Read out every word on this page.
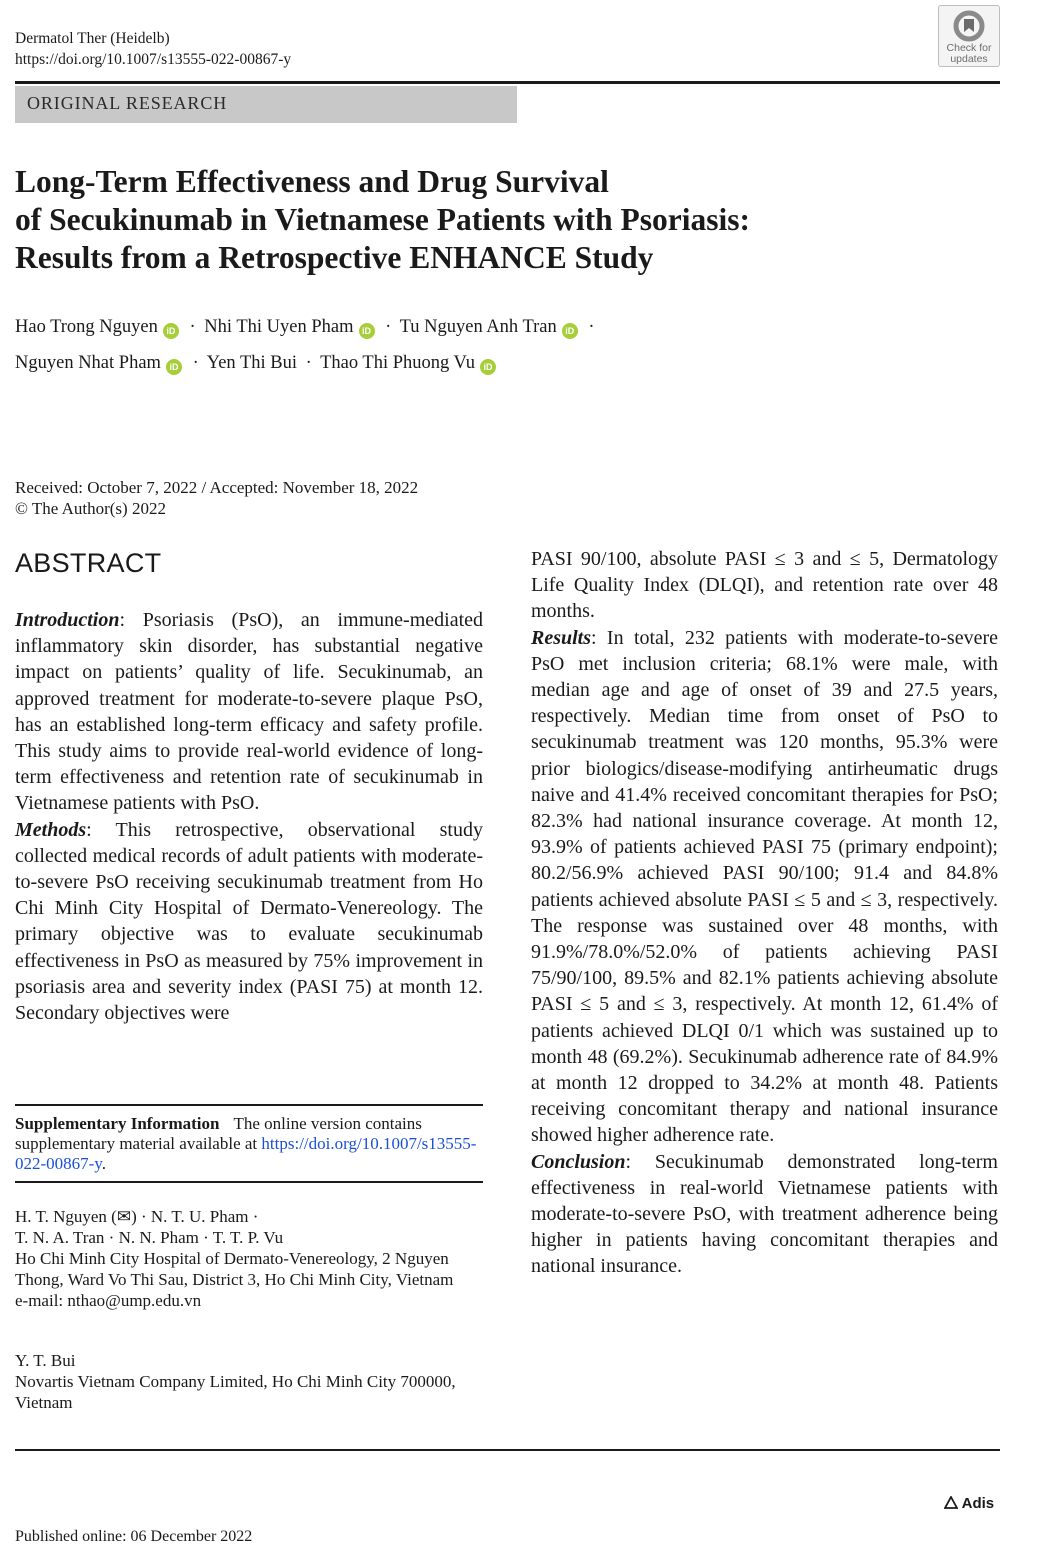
Dermatol Ther (Heidelb)
https://doi.org/10.1007/s13555-022-00867-y
Check for
updates
ORIGINAL RESEARCH
Long-Term Effectiveness and Drug Survival
of Secukinumab in Vietnamese Patients with Psoriasis:
Results from a Retrospective ENHANCE Study
Hao Trong Nguyen iD · Nhi Thi Uyen Pham iD · Tu Nguyen Anh Tran iD ·
Nguyen Nhat Pham iD · Yen Thi Bui · Thao Thi Phuong Vu iD
Received: October 7, 2022 / Accepted: November 18, 2022
© The Author(s) 2022
ABSTRACT

Introduction: Psoriasis (PsO), an immune-mediated inflammatory skin disorder, has substantial negative impact on patients’ quality of life. Secukinumab, an approved treatment for moderate-to-severe plaque PsO, has an established long-term efficacy and safety profile. This study aims to provide real-world evidence of long-term effectiveness and retention rate of secukinumab in Vietnamese patients with PsO.

Methods: This retrospective, observational study collected medical records of adult patients with moderate-to-severe PsO receiving secukinumab treatment from Ho Chi Minh City Hospital of Dermato-Venereology. The primary objective was to evaluate secukinumab effectiveness in PsO as measured by 75% improvement in psoriasis area and severity index (PASI 75) at month 12. Secondary objectives were

PASI 90/100, absolute PASI ≤ 3 and ≤ 5, Dermatology Life Quality Index (DLQI), and retention rate over 48 months.

Results: In total, 232 patients with moderate-to-severe PsO met inclusion criteria; 68.1% were male, with median age and age of onset of 39 and 27.5 years, respectively. Median time from onset of PsO to secukinumab treatment was 120 months, 95.3% were prior biologics/disease-modifying antirheumatic drugs naive and 41.4% received concomitant therapies for PsO; 82.3% had national insurance coverage. At month 12, 93.9% of patients achieved PASI 75 (primary endpoint); 80.2/56.9% achieved PASI 90/100; 91.4 and 84.8% patients achieved absolute PASI ≤ 5 and ≤ 3, respectively. The response was sustained over 48 months, with 91.9%/78.0%/52.0% of patients achieving PASI 75/90/100, 89.5% and 82.1% patients achieving absolute PASI ≤ 5 and ≤ 3, respectively. At month 12, 61.4% of patients achieved DLQI 0/1 which was sustained up to month 48 (69.2%). Secukinumab adherence rate of 84.9% at month 12 dropped to 34.2% at month 48. Patients receiving concomitant therapy and national insurance showed higher adherence rate.

Conclusion: Secukinumab demonstrated long-term effectiveness in real-world Vietnamese patients with moderate-to-severe PsO, with treatment adherence being higher in patients having concomitant therapies and national insurance.

Supplementary Information The online version contains supplementary material available at https://doi.org/10.1007/s13555-022-00867-y.
H. T. Nguyen (✉) · N. T. U. Pham ·
T. N. A. Tran · N. N. Pham · T. T. P. Vu
Ho Chi Minh City Hospital of Dermato-Venereology, 2 Nguyen Thong, Ward Vo Thi Sau, District 3, Ho Chi Minh City, Vietnam
e-mail: nthao@ump.edu.vn
Y. T. Bui
Novartis Vietnam Company Limited, Ho Chi Minh City 700000, Vietnam
Adis
Published online: 06 December 2022
